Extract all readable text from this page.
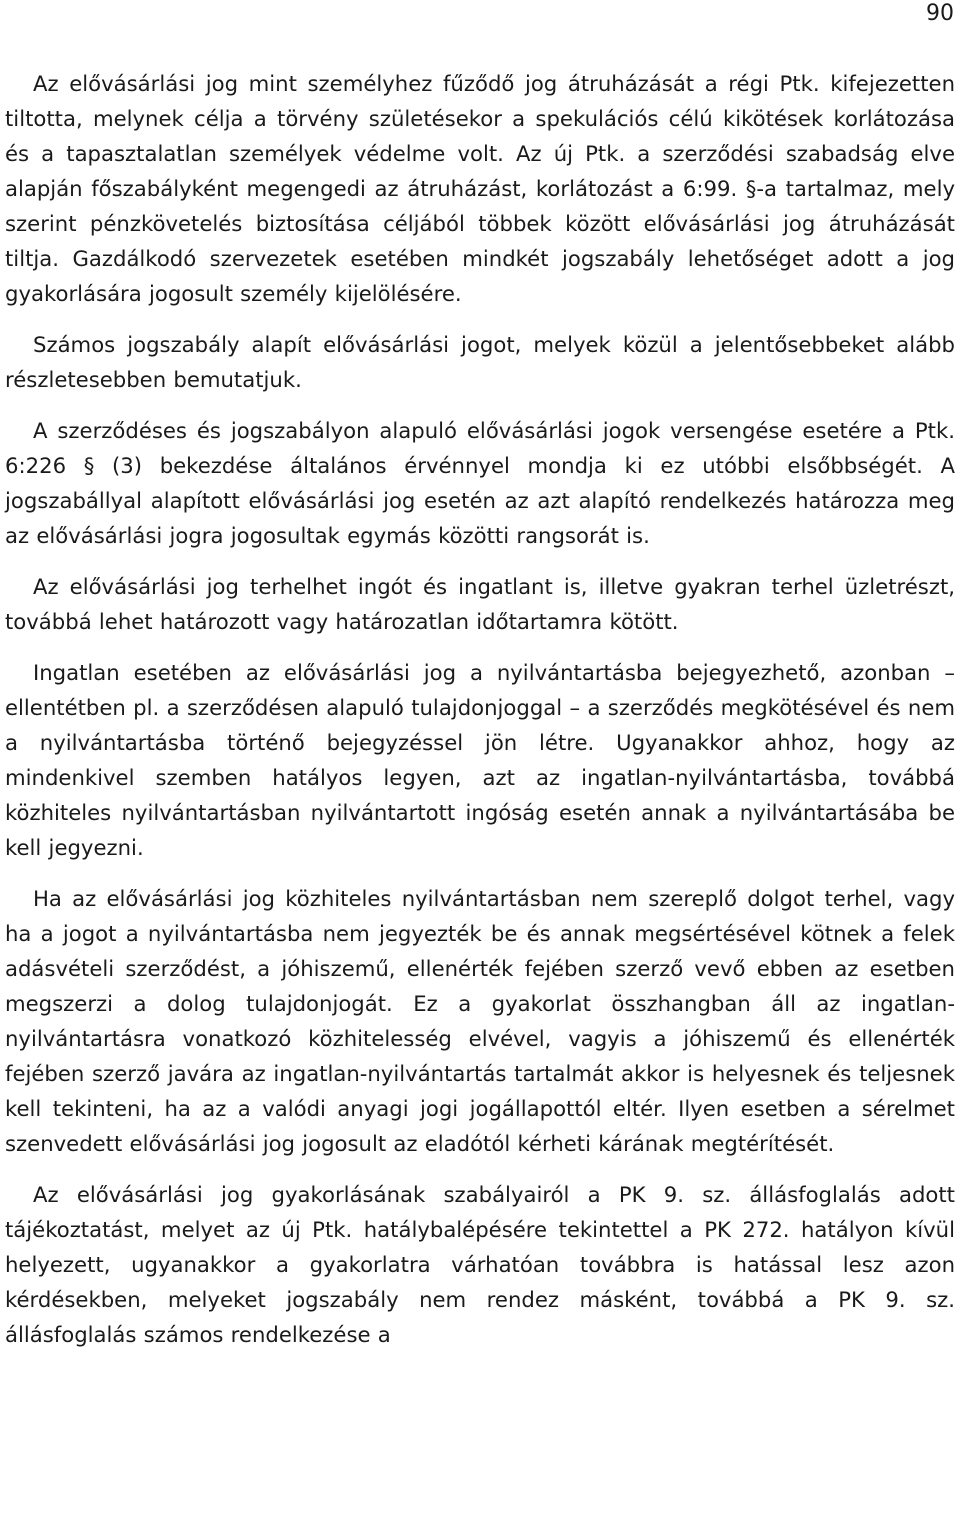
90

Az elővásárlási jog mint személyhez fűződő jog átruházását a régi Ptk. kifejezetten tiltotta, melynek célja a törvény születésekor a spekulációs célú kikötések korlátozása és a tapasztalatlan személyek védelme volt. Az új Ptk. a szerződési szabadság elve alapján főszabályként megengedi az átruházást, korlátozást a 6:99. §-a tartalmaz, mely szerint pénzkövetelés biztosítása céljából többek között elővásárlási jog átruházását tiltja. Gazdálkodó szervezetek esetében mindkét jogszabály lehetőséget adott a jog gyakorlására jogosult személy kijelölésére.

Számos jogszabály alapít elővásárlási jogot, melyek közül a jelentősebbeket alább részletesebben bemutatjuk.

A szerződéses és jogszabályon alapuló elővásárlási jogok versengése esetére a Ptk. 6:226 § (3) bekezdése általános érvénnyel mondja ki ez utóbbi elsőbbségét. A jogszabállyal alapított elővásárlási jog esetén az azt alapító rendelkezés határozza meg az elővásárlási jogra jogosultak egymás közötti rangsorát is.

Az elővásárlási jog terhelhet ingót és ingatlant is, illetve gyakran terhel üzletrészt, továbbá lehet határozott vagy határozatlan időtartamra kötött.

Ingatlan esetében az elővásárlási jog a nyilvántartásba bejegyezhető, azonban – ellentétben pl. a szerződésen alapuló tulajdonjoggal – a szerződés megkötésével és nem a nyilvántartásba történő bejegyzéssel jön létre. Ugyanakkor ahhoz, hogy az mindenkivel szemben hatályos legyen, azt az ingatlan-nyilvántartásba, továbbá közhiteles nyilvántartásban nyilvántartott ingóság esetén annak a nyilvántartásába be kell jegyezni.

Ha az elővásárlási jog közhiteles nyilvántartásban nem szereplő dolgot terhel, vagy ha a jogot a nyilvántartásba nem jegyezték be és annak megsértésével kötnek a felek adásvételi szerződést, a jóhiszemű, ellenérték fejében szerző vevő ebben az esetben megszerzi a dolog tulajdonjogát. Ez a gyakorlat összhangban áll az ingatlan-nyilvántartásra vonatkozó közhitelesség elvével, vagyis a jóhiszemű és ellenérték fejében szerző javára az ingatlan-nyilvántartás tartalmát akkor is helyesnek és teljesnek kell tekinteni, ha az a valódi anyagi jogi jogállapottól eltér. Ilyen esetben a sérelmet szenvedett elővásárlási jog jogosult az eladótól kérheti kárának megtérítését.

Az elővásárlási jog gyakorlásának szabályairól a PK 9. sz. állásfoglalás adott tájékoztatást, melyet az új Ptk. hatálybalépésére tekintettel a PK 272. hatályon kívül helyezett, ugyanakkor a gyakorlatra várhatóan továbbra is hatással lesz azon kérdésekben, melyeket jogszabály nem rendez másként, továbbá a PK 9. sz. állásfoglalás számos rendelkezése a
